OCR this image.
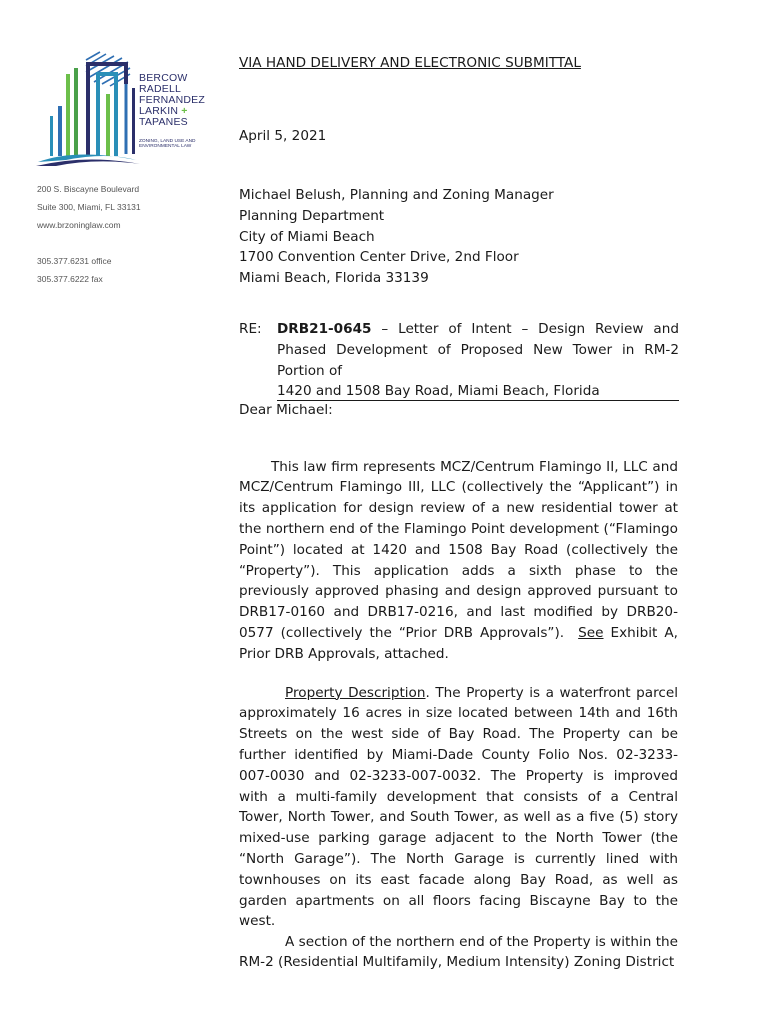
BERCOW
RADELL
FERNANDEZ
LARKIN +
TAPANES
ZONING, LAND USE AND ENVIRONMENTAL LAW
200 S. Biscayne Boulevard
Suite 300, Miami, FL 33131
www.brzoninglaw.com
305.377.6231 office
305.377.6222 fax
VIA HAND DELIVERY AND ELECTRONIC SUBMITTAL
April 5, 2021
Michael Belush, Planning and Zoning Manager
Planning Department
City of Miami Beach
1700 Convention Center Drive, 2nd Floor
Miami Beach, Florida 33139
RE: DRB21-0645 – Letter of Intent – Design Review and Phased Development of Proposed New Tower in RM-2 Portion of
1420 and 1508 Bay Road, Miami Beach, Florida
Dear Michael:

This law firm represents MCZ/Centrum Flamingo II, LLC and MCZ/Centrum Flamingo III, LLC (collectively the “Applicant”) in its application for design review of a new residential tower at the northern end of the Flamingo Point development (“Flamingo Point”) located at 1420 and 1508 Bay Road (collectively the “Property”). This application adds a sixth phase to the previously approved phasing and design approved pursuant to DRB17-0160 and DRB17-0216, and last modified by DRB20-0577 (collectively the “Prior DRB Approvals”). See Exhibit A, Prior DRB Approvals, attached.

Property Description. The Property is a waterfront parcel approximately 16 acres in size located between 14th and 16th Streets on the west side of Bay Road. The Property can be further identified by Miami-Dade County Folio Nos. 02-3233-007-0030 and 02-3233-007-0032. The Property is improved with a multi-family development that consists of a Central Tower, North Tower, and South Tower, as well as a five (5) story mixed-use parking garage adjacent to the North Tower (the “North Garage”). The North Garage is currently lined with townhouses on its east facade along Bay Road, as well as garden apartments on all floors facing Biscayne Bay to the west.

A section of the northern end of the Property is within the RM-2 (Residential Multifamily, Medium Intensity) Zoning District
